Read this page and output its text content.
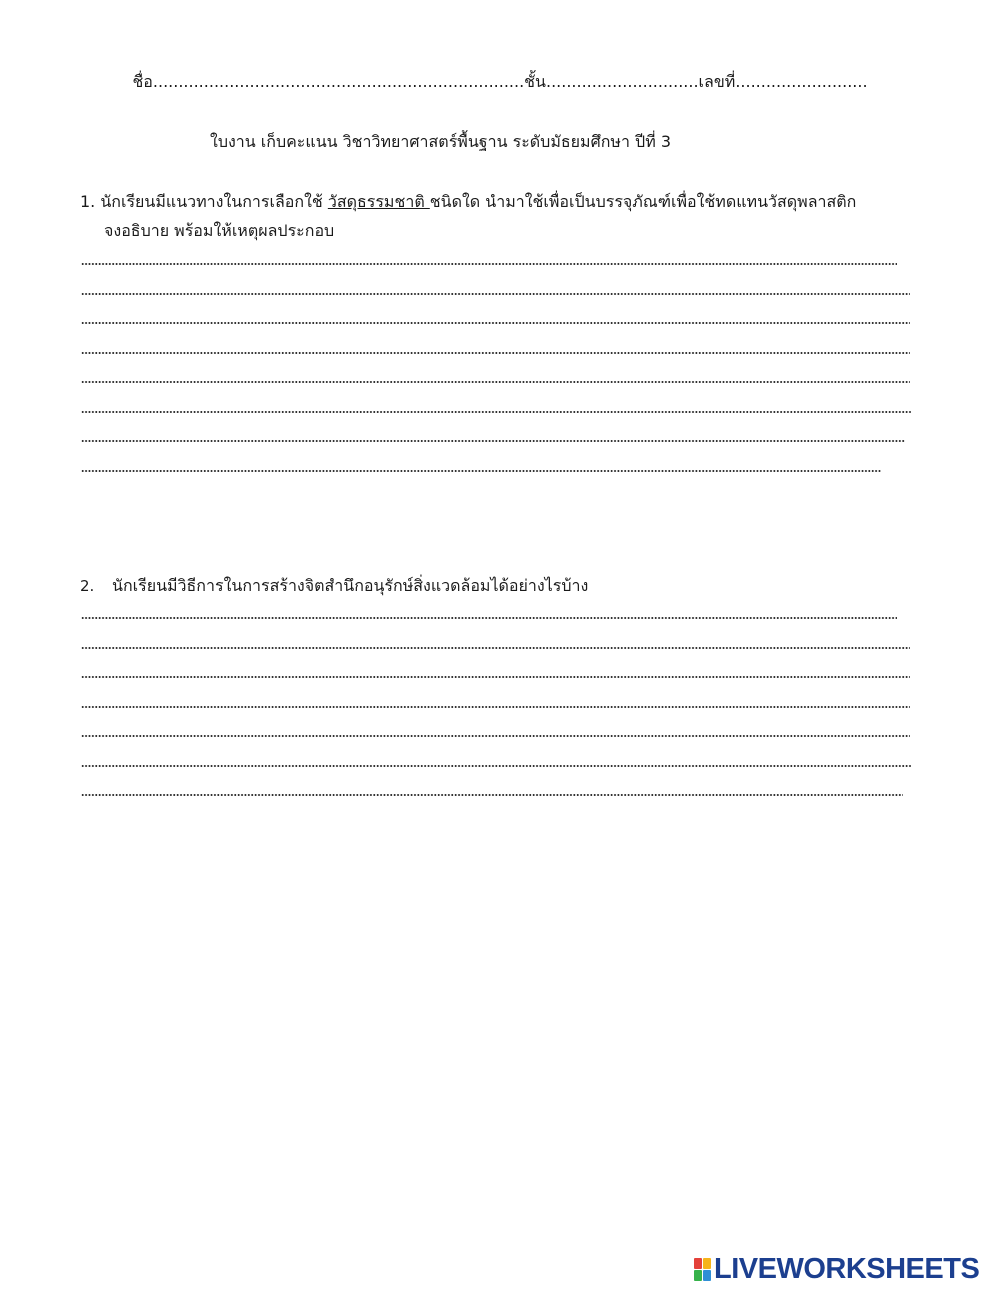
ชื่อ.........................................................................ชั้น..............................เลขที่..........................
ใบงาน เก็บคะแนน วิชาวิทยาศาสตร์พื้นฐาน ระดับมัธยมศึกษา ปีที่ 3
1. นักเรียนมีแนวทางในการเลือกใช้ วัสดุธรรมชาติ ชนิดใด นำมาใช้เพื่อเป็นบรรจุภัณฑ์เพื่อใช้ทดแทนวัสดุพลาสติก
จงอธิบาย พร้อมให้เหตุผลประกอบ
2. นักเรียนมีวิธีการในการสร้างจิตสำนึกอนุรักษ์สิ่งแวดล้อมได้อย่างไรบ้าง
LIVEWORKSHEETS
